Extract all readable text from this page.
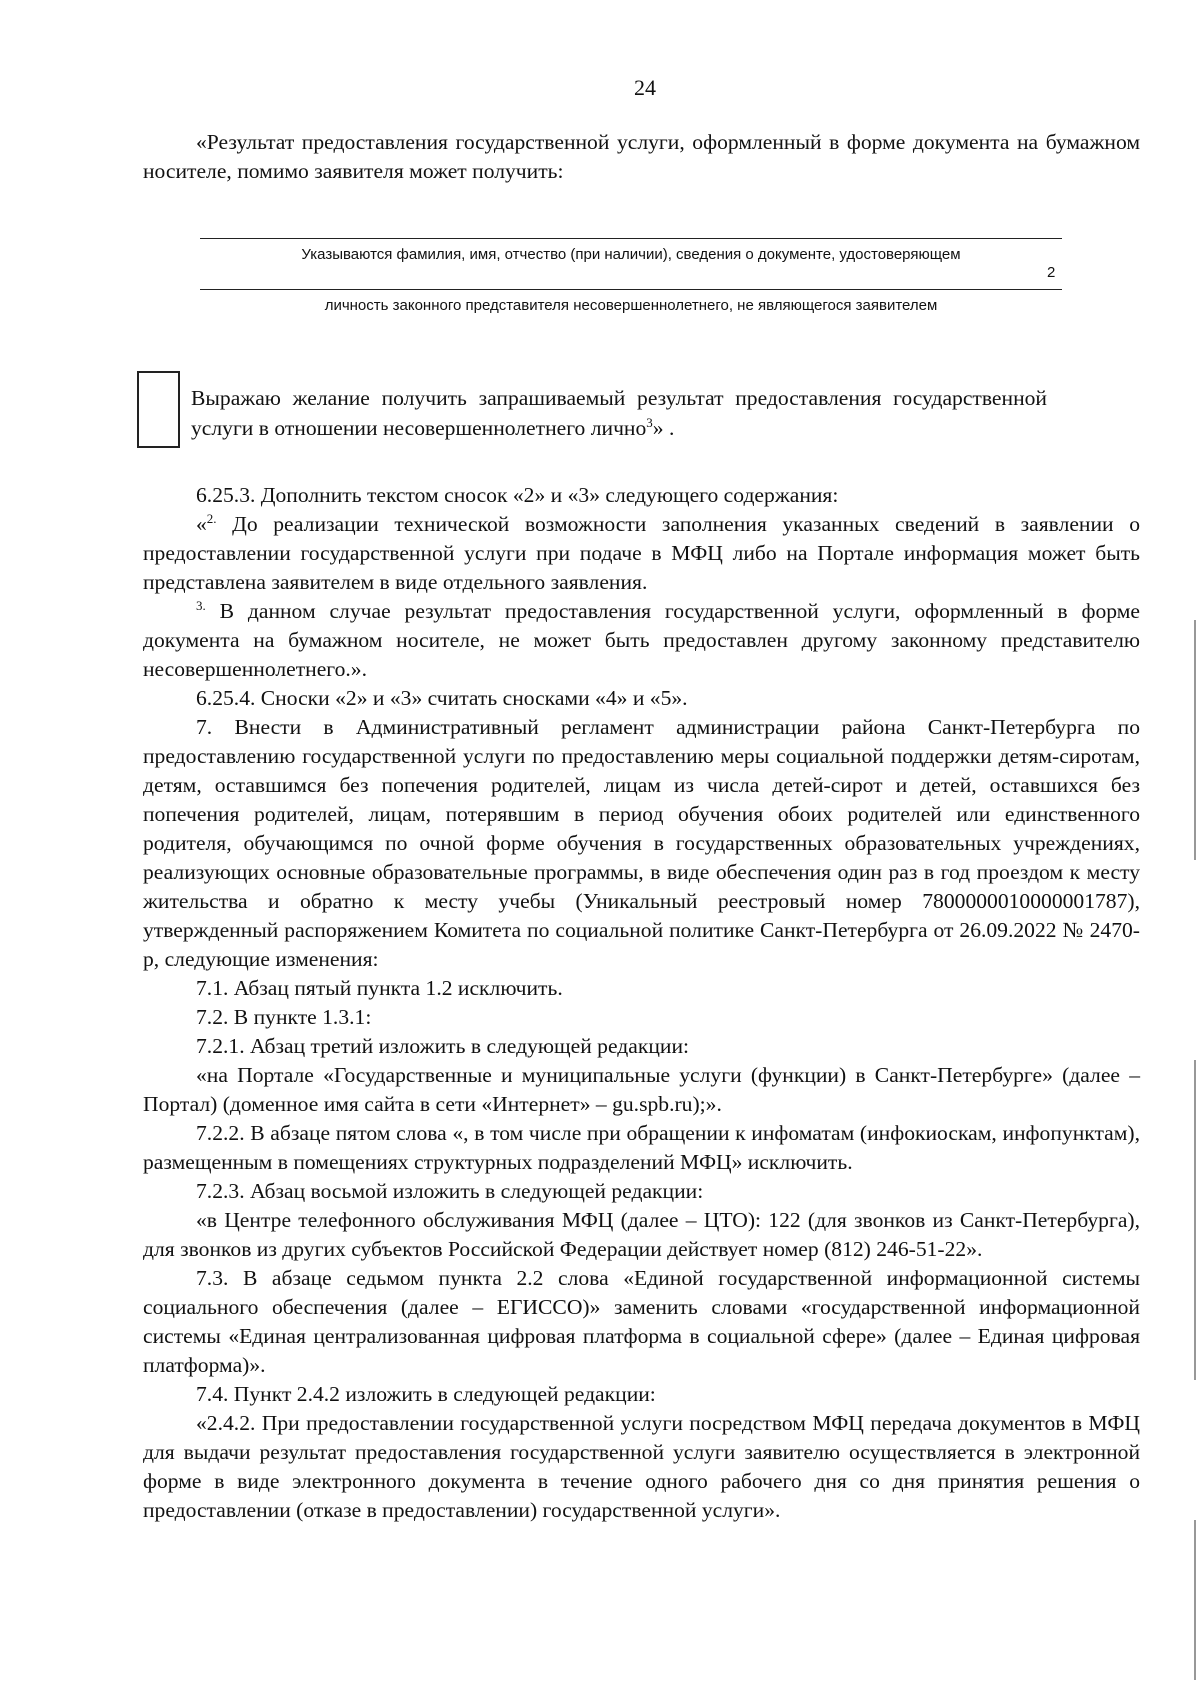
24

«Результат предоставления государственной услуги, оформленный в форме документа на бумажном носителе, помимо заявителя может получить:

Указываются фамилия, имя, отчество (при наличии), сведения о документе, удостоверяющем
2
личность законного представителя несовершеннолетнего, не являющегося заявителем
Выражаю желание получить запрашиваемый результат предоставления государственной услуги в отношении несовершеннолетнего лично$^3$» .

6.25.3. Дополнить текстом сносок «2» и «3» следующего содержания:

«$^{2.}$ До реализации технической возможности заполнения указанных сведений в заявлении о предоставлении государственной услуги при подаче в МФЦ либо на Портале информация может быть представлена заявителем в виде отдельного заявления.

$^{3.}$ В данном случае результат предоставления государственной услуги, оформленный в форме документа на бумажном носителе, не может быть предоставлен другому законному представителю несовершеннолетнего.».

6.25.4. Сноски «2» и «3» считать сносками «4» и «5».

7. Внести в Административный регламент администрации района Санкт-Петербурга по предоставлению государственной услуги по предоставлению меры социальной поддержки детям-сиротам, детям, оставшимся без попечения родителей, лицам из числа детей-сирот и детей, оставшихся без попечения родителей, лицам, потерявшим в период обучения обоих родителей или единственного родителя, обучающимся по очной форме обучения в государственных образовательных учреждениях, реализующих основные образовательные программы, в виде обеспечения один раз в год проездом к месту жительства и обратно к месту учебы (Уникальный реестровый номер 7800000010000001787), утвержденный распоряжением Комитета по социальной политике Санкт-Петербурга от 26.09.2022 № 2470-р, следующие изменения:

7.1. Абзац пятый пункта 1.2 исключить.

7.2. В пункте 1.3.1:

7.2.1. Абзац третий изложить в следующей редакции:

«на Портале «Государственные и муниципальные услуги (функции) в Санкт-Петербурге» (далее – Портал) (доменное имя сайта в сети «Интернет» – gu.spb.ru);».

7.2.2. В абзаце пятом слова «, в том числе при обращении к инфоматам (инфокиоскам, инфопунктам), размещенным в помещениях структурных подразделений МФЦ» исключить.

7.2.3. Абзац восьмой изложить в следующей редакции:

«в Центре телефонного обслуживания МФЦ (далее – ЦТО): 122 (для звонков из Санкт-Петербурга), для звонков из других субъектов Российской Федерации действует номер (812) 246-51-22».

7.3. В абзаце седьмом пункта 2.2 слова «Единой государственной информационной системы социального обеспечения (далее – ЕГИССО)» заменить словами «государственной информационной системы «Единая централизованная цифровая платформа в социальной сфере» (далее – Единая цифровая платформа)».

7.4. Пункт 2.4.2 изложить в следующей редакции:

«2.4.2. При предоставлении государственной услуги посредством МФЦ передача документов в МФЦ для выдачи результат предоставления государственной услуги заявителю осуществляется в электронной форме в виде электронного документа в течение одного рабочего дня со дня принятия решения о предоставлении (отказе в предоставлении) государственной услуги».
